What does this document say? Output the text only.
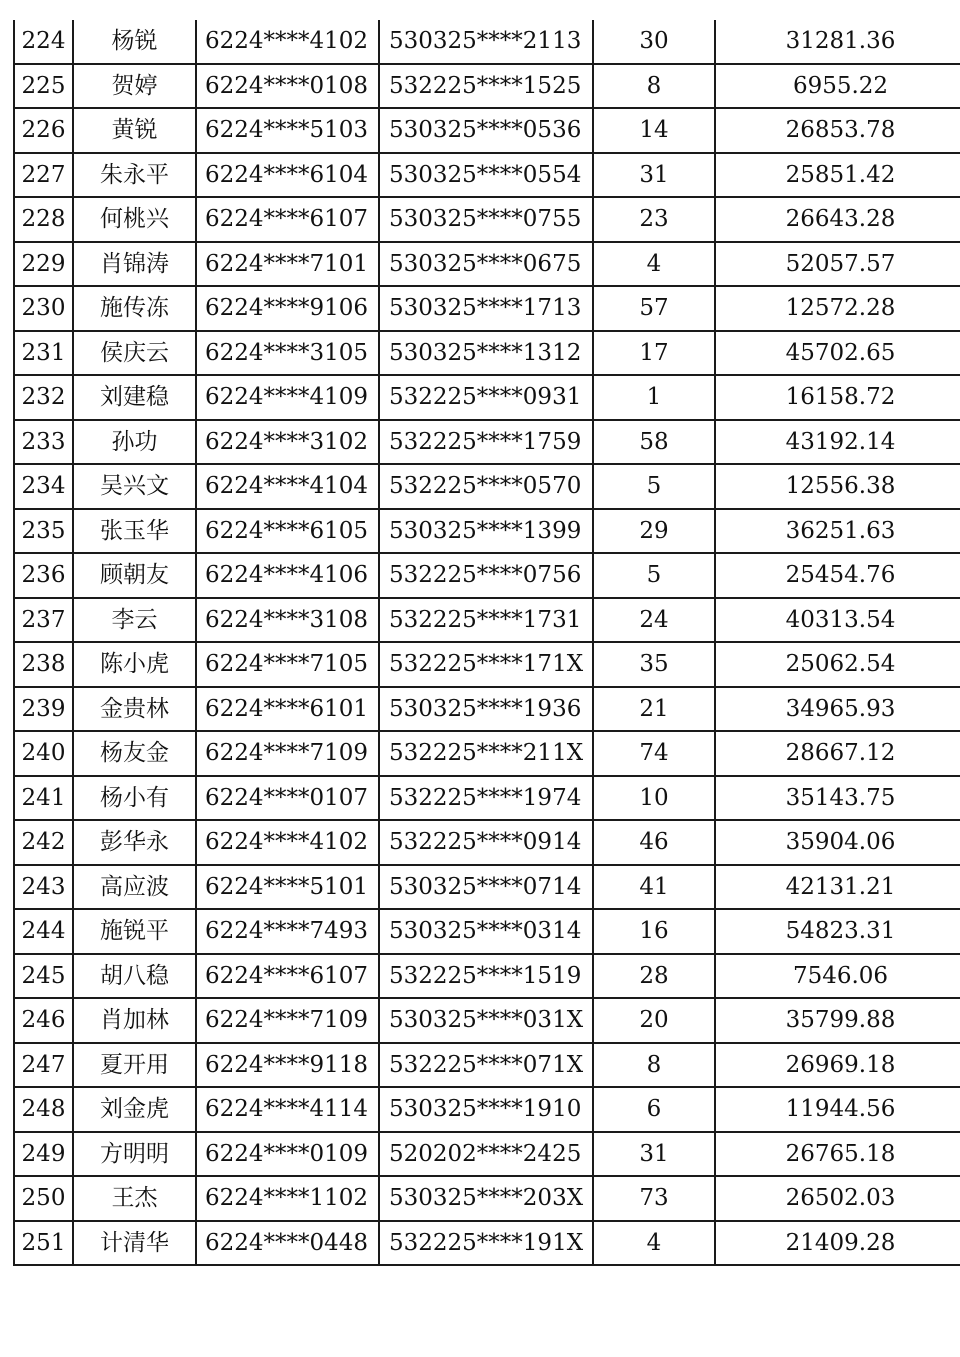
224	杨锐	6224****4102	530325****2113	30	31281.36
225	贺婷	6224****0108	532225****1525	8	6955.22
226	黄锐	6224****5103	530325****0536	14	26853.78
227	朱永平	6224****6104	530325****0554	31	25851.42
228	何桃兴	6224****6107	530325****0755	23	26643.28
229	肖锦涛	6224****7101	530325****0675	4	52057.57
230	施传冻	6224****9106	530325****1713	57	12572.28
231	侯庆云	6224****3105	530325****1312	17	45702.65
232	刘建稳	6224****4109	532225****0931	1	16158.72
233	孙功	6224****3102	532225****1759	58	43192.14
234	吴兴文	6224****4104	532225****0570	5	12556.38
235	张玉华	6224****6105	530325****1399	29	36251.63
236	顾朝友	6224****4106	532225****0756	5	25454.76
237	李云	6224****3108	532225****1731	24	40313.54
238	陈小虎	6224****7105	532225****171X	35	25062.54
239	金贵林	6224****6101	530325****1936	21	34965.93
240	杨友金	6224****7109	532225****211X	74	28667.12
241	杨小有	6224****0107	532225****1974	10	35143.75
242	彭华永	6224****4102	532225****0914	46	35904.06
243	高应波	6224****5101	530325****0714	41	42131.21
244	施锐平	6224****7493	530325****0314	16	54823.31
245	胡八稳	6224****6107	532225****1519	28	7546.06
246	肖加林	6224****7109	530325****031X	20	35799.88
247	夏开用	6224****9118	532225****071X	8	26969.18
248	刘金虎	6224****4114	530325****1910	6	11944.56
249	方明明	6224****0109	520202****2425	31	26765.18
250	王杰	6224****1102	530325****203X	73	26502.03
251	计清华	6224****0448	532225****191X	4	21409.28
